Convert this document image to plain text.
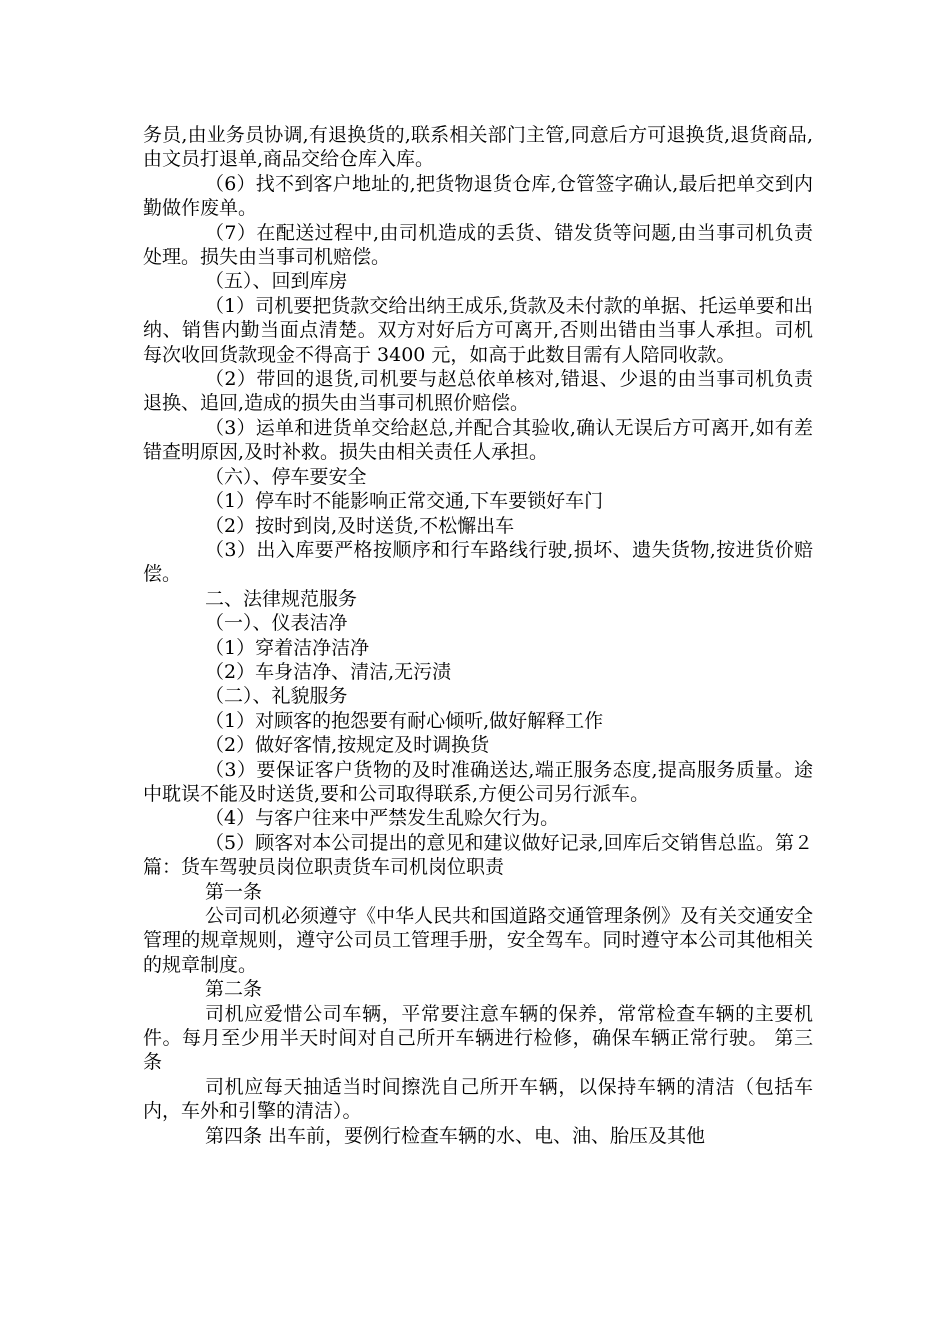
务员,由业务员协调,有退换货的,联系相关部门主管,同意后方可退换货,退货商品,由文员打退单,商品交给仓库入库。

（6）找不到客户地址的,把货物退货仓库,仓管签字确认,最后把单交到内勤做作废单。

（7）在配送过程中,由司机造成的丢货、错发货等问题,由当事司机负责处理。损失由当事司机赔偿。

（五）、回到库房

（1）司机要把货款交给出纳王成乐,货款及未付款的单据、托运单要和出纳、销售内勤当面点清楚。双方对好后方可离开,否则出错由当事人承担。司机每次收回货款现金不得高于 3400 元，如高于此数目需有人陪同收款。

（2）带回的退货,司机要与赵总依单核对,错退、少退的由当事司机负责退换、追回,造成的损失由当事司机照价赔偿。

（3）运单和进货单交给赵总,并配合其验收,确认无误后方可离开,如有差错查明原因,及时补救。损失由相关责任人承担。

（六）、停车要安全

（1）停车时不能影响正常交通,下车要锁好车门

（2）按时到岗,及时送货,不松懈出车

（3）出入库要严格按顺序和行车路线行驶,损坏、遗失货物,按进货价赔偿。

二、法律规范服务

（一）、仪表洁净

（1）穿着洁净洁净

（2）车身洁净、清洁,无污渍

（二）、礼貌服务

（1）对顾客的抱怨要有耐心倾听,做好解释工作

（2）做好客情,按规定及时调换货

（3）要保证客户货物的及时准确送达,端正服务态度,提高服务质量。途中耽误不能及时送货,要和公司取得联系,方便公司另行派车。

（4）与客户往来中严禁发生乱赊欠行为。

（5）顾客对本公司提出的意见和建议做好记录,回库后交销售总监。第２篇：货车驾驶员岗位职责货车司机岗位职责

第一条

公司司机必须遵守《中华人民共和国道路交通管理条例》及有关交通安全管理的规章规则，遵守公司员工管理手册，安全驾车。同时遵守本公司其他相关的规章制度。

第二条

司机应爱惜公司车辆，平常要注意车辆的保养，常常检查车辆的主要机件。每月至少用半天时间对自己所开车辆进行检修，确保车辆正常行驶。 第三条

司机应每天抽适当时间擦洗自己所开车辆，以保持车辆的清洁（包括车内，车外和引擎的清洁）。

第四条 出车前，要例行检查车辆的水、电、油、胎压及其他
